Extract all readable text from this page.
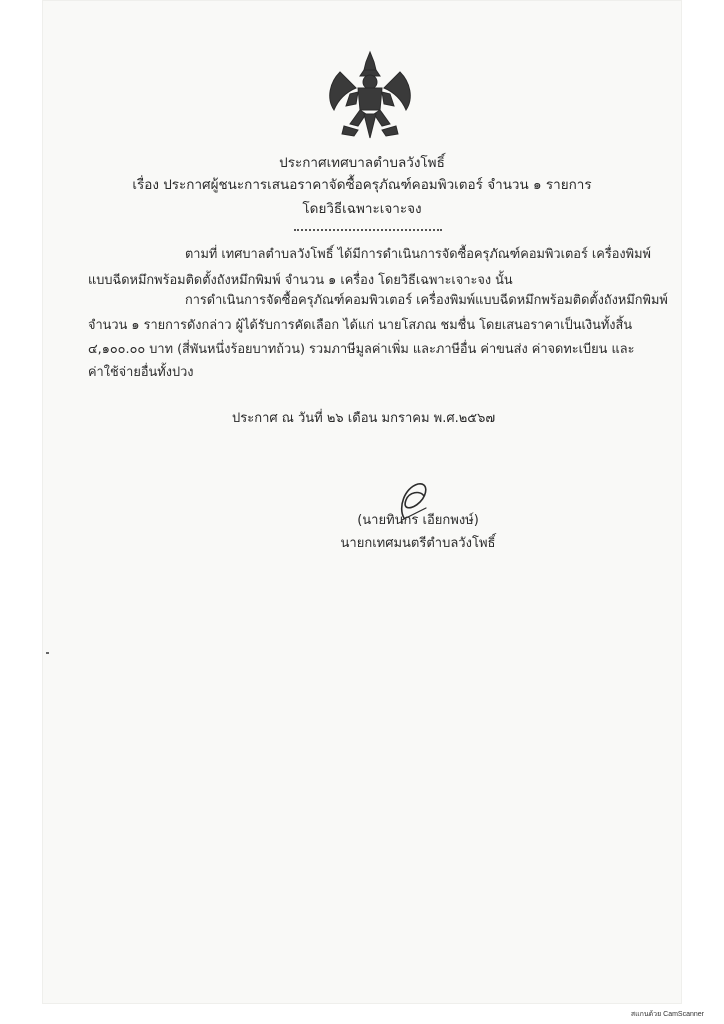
ประกาศเทศบาลตำบลวังโพธิ์
เรื่อง ประกาศผู้ชนะการเสนอราคาจัดซื้อครุภัณฑ์คอมพิวเตอร์ จำนวน ๑ รายการ
โดยวิธีเฉพาะเจาะจง
ตามที่ เทศบาลตำบลวังโพธิ์ ได้มีการดำเนินการจัดซื้อครุภัณฑ์คอมพิวเตอร์ เครื่องพิมพ์
แบบฉีดหมึกพร้อมติดตั้งถังหมึกพิมพ์ จำนวน ๑ เครื่อง โดยวิธีเฉพาะเจาะจง นั้น
การดำเนินการจัดซื้อครุภัณฑ์คอมพิวเตอร์ เครื่องพิมพ์แบบฉีดหมึกพร้อมติดตั้งถังหมึกพิมพ์
จำนวน ๑ รายการดังกล่าว ผู้ได้รับการคัดเลือก ได้แก่ นายโสภณ ชมชื่น โดยเสนอราคาเป็นเงินทั้งสิ้น
๔,๑๐๐.๐๐ บาท (สี่พันหนึ่งร้อยบาทถ้วน) รวมภาษีมูลค่าเพิ่ม และภาษีอื่น ค่าขนส่ง ค่าจดทะเบียน และ
ค่าใช้จ่ายอื่นทั้งปวง
ประกาศ ณ วันที่ ๒๖ เดือน มกราคม พ.ศ.๒๕๖๗
(นายทินกร เอียกพงษ์)
นายกเทศมนตรีตำบลวังโพธิ์
สแกนด้วย CamScanner
